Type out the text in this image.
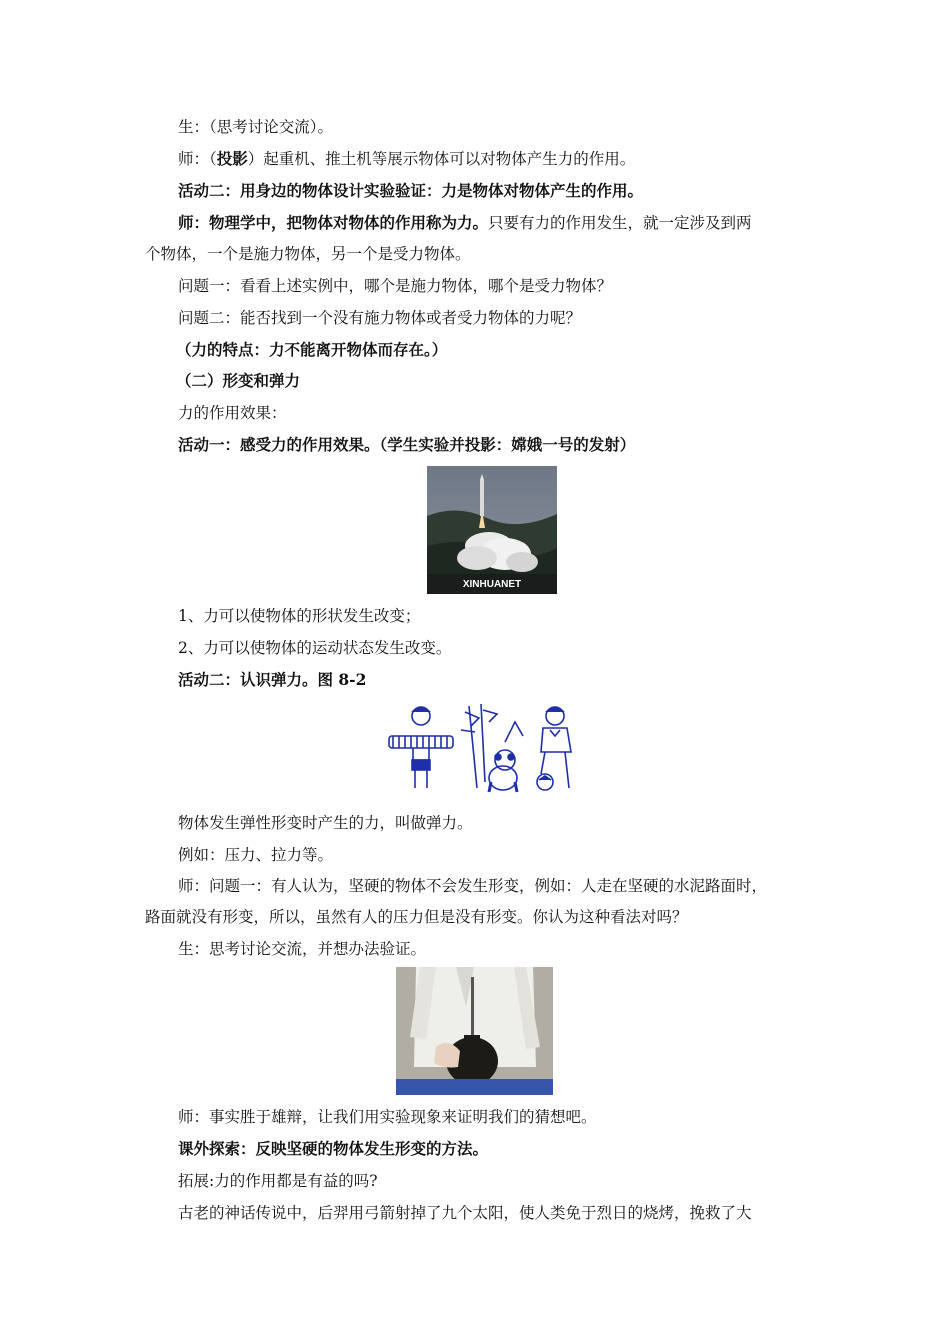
生：（思考讨论交流）。
师：（投影）起重机、推土机等展示物体可以对物体产生力的作用。
活动二：用身边的物体设计实验验证：力是物体对物体产生的作用。
师：物理学中，把物体对物体的作用称为力。只要有力的作用发生，就一定涉及到两
个物体，一个是施力物体，另一个是受力物体。
问题一：看看上述实例中，哪个是施力物体，哪个是受力物体？
问题二：能否找到一个没有施力物体或者受力物体的力呢？
（力的特点：力不能离开物体而存在。）
（二）形变和弹力
力的作用效果：
活动一：感受力的作用效果。（学生实验并投影：嫦娥一号的发射）
XINHUANET
1、力可以使物体的形状发生改变；
2、力可以使物体的运动状态发生改变。
活动二：认识弹力。图 8-2
物体发生弹性形变时产生的力，叫做弹力。
例如：压力、拉力等。
师：问题一：有人认为，坚硬的物体不会发生形变，例如：人走在坚硬的水泥路面时，
路面就没有形变，所以，虽然有人的压力但是没有形变。你认为这种看法对吗？
生：思考讨论交流，并想办法验证。
师：事实胜于雄辩，让我们用实验现象来证明我们的猜想吧。
课外探索：反映坚硬的物体发生形变的方法。
拓展:力的作用都是有益的吗?
古老的神话传说中，后羿用弓箭射掉了九个太阳，使人类免于烈日的烧烤，挽救了大
